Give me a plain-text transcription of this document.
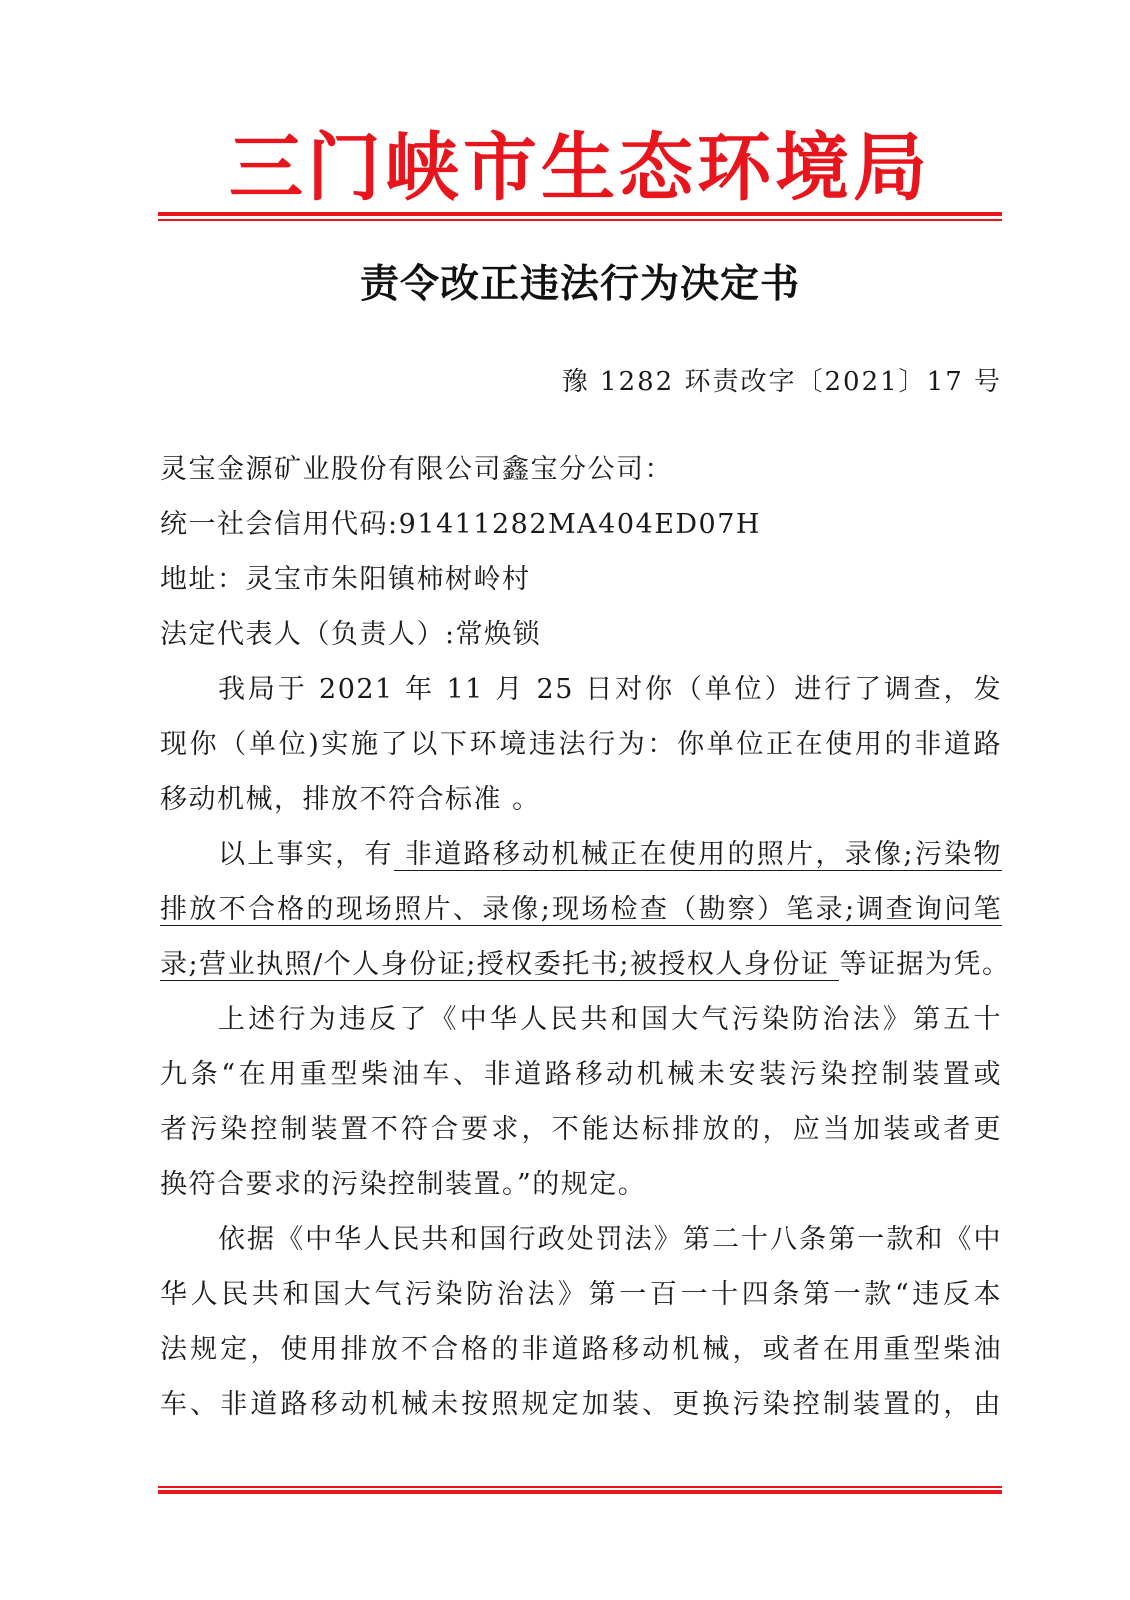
三门峡市生态环境局
责令改正违法行为决定书
豫 1282 环责改字〔2021〕17 号
灵宝金源矿业股份有限公司鑫宝分公司：
统一社会信用代码:91411282MA404ED07H
地址：灵宝市朱阳镇柿树岭村
法定代表人（负责人）:常焕锁
我局于 2021 年 11 月 25 日对你（单位）进行了调查，发
现你（单位)实施了以下环境违法行为：你单位正在使用的非道路
移动机械，排放不符合标准 。
以上事实，有 非道路移动机械正在使用的照片，录像;污染物
排放不合格的现场照片、录像;现场检查（勘察）笔录;调查询问笔
录;营业执照/个人身份证;授权委托书;被授权人身份证 等证据为凭。
上述行为违反了《中华人民共和国大气污染防治法》第五十
九条“在用重型柴油车、非道路移动机械未安装污染控制装置或
者污染控制装置不符合要求，不能达标排放的，应当加装或者更
换符合要求的污染控制装置。”的规定。
依据《中华人民共和国行政处罚法》第二十八条第一款和《中
华人民共和国大气污染防治法》第一百一十四条第一款“违反本
法规定，使用排放不合格的非道路移动机械，或者在用重型柴油
车、非道路移动机械未按照规定加装、更换污染控制装置的，由
